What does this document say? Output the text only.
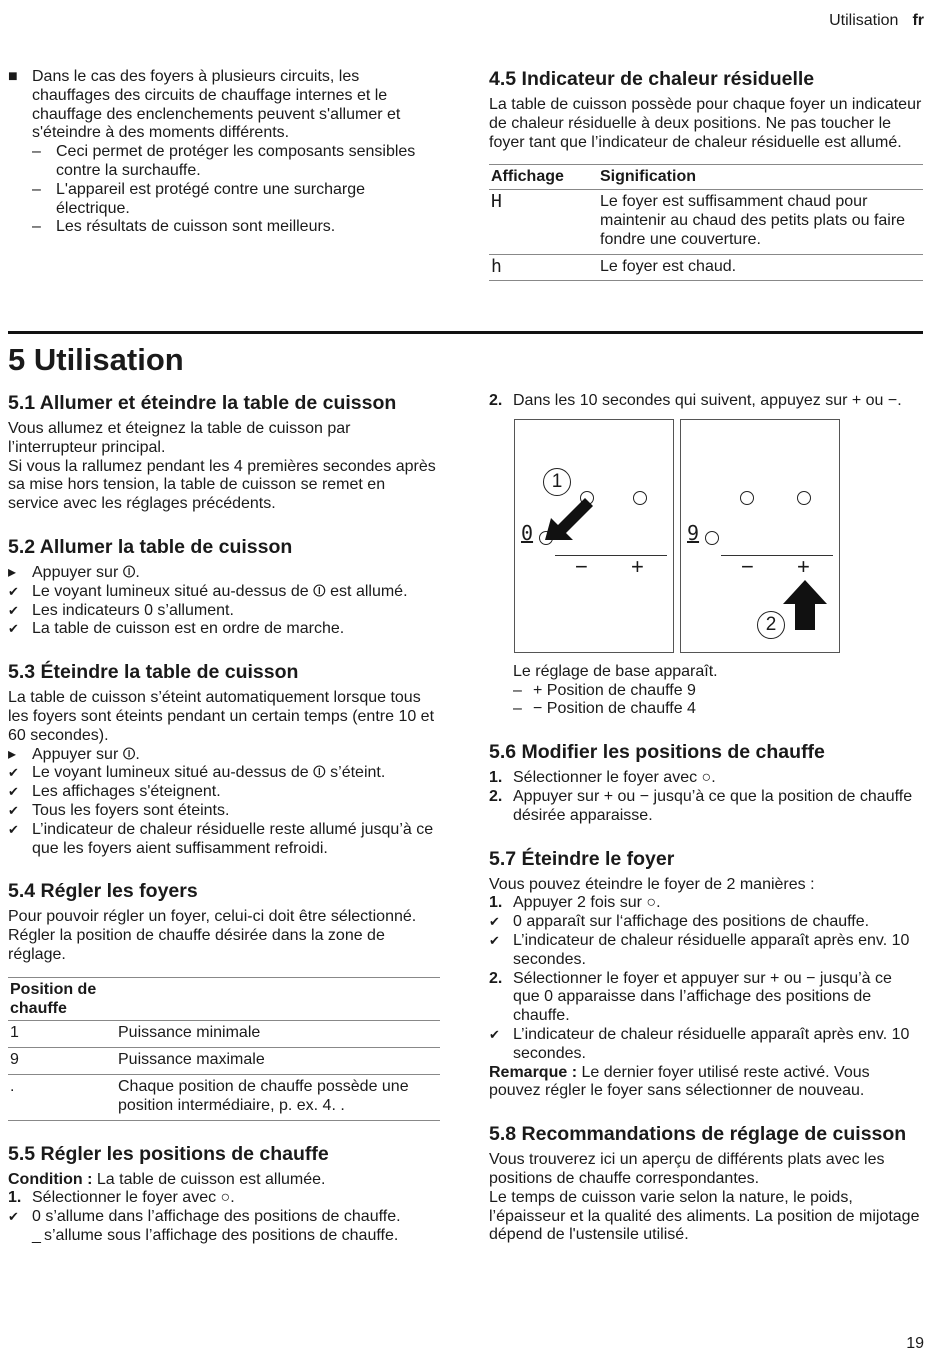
Utilisation fr
■ Dans le cas des foyers à plusieurs circuits, les chauffages des circuits de chauffage internes et le chauffage des enclenchements peuvent s'allumer et s'éteindre à des moments différents.

– Ceci permet de protéger les composants sensibles contre la surchauffe.

– L'appareil est protégé contre une surcharge électrique.

– Les résultats de cuisson sont meilleurs.

4.5 Indicateur de chaleur résiduelle

La table de cuisson possède pour chaque foyer un indicateur de chaleur résiduelle à deux positions. Ne pas toucher le foyer tant que l’indicateur de chaleur résiduelle est allumé.

Affichage	Signification
H	Le foyer est suffisamment chaud pour maintenir au chaud des petits plats ou faire fondre une couverture.
h	Le foyer est chaud.
5 Utilisation
5.1 Allumer et éteindre la table de cuisson

Vous allumez et éteignez la table de cuisson par l’interrupteur principal.

Si vous la rallumez pendant les 4 premières secondes après sa mise hors tension, la table de cuisson se remet en service avec les réglages précédents.

5.2 Allumer la table de cuisson
▸ Appuyer sur ⏼.

✔ Le voyant lumineux situé au-dessus de ⏼ est allumé.

✔ Les indicateurs 0 s’allument.

✔ La table de cuisson est en ordre de marche.

5.3 Éteindre la table de cuisson

La table de cuisson s’éteint automatiquement lorsque tous les foyers sont éteints pendant un certain temps (entre 10 et 60 secondes).

▸ Appuyer sur ⏼.

✔ Le voyant lumineux situé au-dessus de ⏼ s’éteint.

✔ Les affichages s'éteignent.

✔ Tous les foyers sont éteints.

✔ L’indicateur de chaleur résiduelle reste allumé jusqu’à ce que les foyers aient suffisamment refroidi.

5.4 Régler les foyers

Pour pouvoir régler un foyer, celui-ci doit être sélectionné.

Régler la position de chauffe désirée dans la zone de réglage.

Position de chauffe	
1	Puissance minimale
9	Puissance maximale
.	Chaque position de chauffe possède une position intermédiaire, p. ex. 4. .
5.5 Régler les positions de chauffe

Condition : La table de cuisson est allumée.

1. Sélectionner le foyer avec ○.

✔ 0 s’allume dans l’affichage des positions de chauffe.

_ s’allume sous l’affichage des positions de chauffe.

2. Dans les 10 secondes qui suivent, appuyez sur + ou −.

0
− +
1
9
− +
2

Le réglage de base apparaît.

– + Position de chauffe 9

– − Position de chauffe 4

5.6 Modifier les positions de chauffe
1. Sélectionner le foyer avec ○.

2. Appuyer sur + ou − jusqu’à ce que la position de chauffe désirée apparaisse.

5.7 Éteindre le foyer

Vous pouvez éteindre le foyer de 2 manières :

1. Appuyer 2 fois sur ○.

✔ 0 apparaît sur l‘affichage des positions de chauffe.

✔ L’indicateur de chaleur résiduelle apparaît après env. 10 secondes.

2. Sélectionner le foyer et appuyer sur + ou − jusqu’à ce que 0 apparaisse dans l’affichage des positions de chauffe.

✔ L’indicateur de chaleur résiduelle apparaît après env. 10 secondes.

Remarque : Le dernier foyer utilisé reste activé. Vous pouvez régler le foyer sans sélectionner de nouveau.

5.8 Recommandations de réglage de cuisson

Vous trouverez ici un aperçu de différents plats avec les positions de chauffe correspondantes.

Le temps de cuisson varie selon la nature, le poids, l’épaisseur et la qualité des aliments. La position de mijotage dépend de l'ustensile utilisé.

19
